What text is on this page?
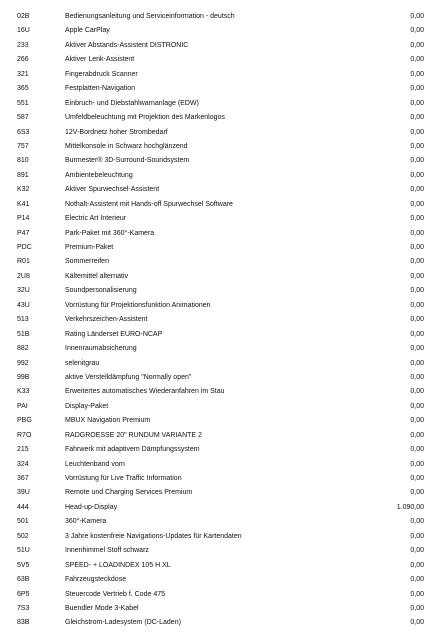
02B	Bedienungsanleitung und Serviceinformation - deutsch	0,00
16U	Apple CarPlay	0,00
233	Aktiver Abstands-Assistent DISTRONIC	0,00
266	Aktiver Lenk-Assistent	0,00
321	Fingerabdruck Scanner	0,00
365	Festplatten-Navigation	0,00
551	Einbruch- und Diebstahlwarnanlage (EDW)	0,00
587	Umfeldbeleuchtung mit Projektion des Markenlogos	0,00
6S3	12V-Bordnetz hoher Strombedarf	0,00
757	Mittelkonsole in Schwarz hochglänzend	0,00
810	Burmester® 3D-Surround-Soundsystem	0,00
891	Ambientebeleuchtung	0,00
K32	Aktiver Spurwechsel-Assistent	0,00
K41	Nothalt-Assistent mit Hands-off Spurwechsel Software	0,00
P14	Electric Art Interieur	0,00
P47	Park-Paket mit 360°-Kamera	0,00
PDC	Premium-Paket	0,00
R01	Sommerreifen	0,00
2U8	Kältemittel alternativ	0,00
32U	Soundpersonalisierung	0,00
43U	Vorrüstung für Projektionsfunktion Animationen	0,00
513	Verkehrszeichen-Assistent	0,00
51B	Rating Länderset EURO-NCAP	0,00
882	Innenraumabsicherung	0,00
992	selenitgrau	0,00
99B	aktive Verstelldämpfung "Normally open"	0,00
K33	Erweitertes automatisches Wiederanfahren im Stau	0,00
PAI	Display-Paket	0,00
PBG	MBUX Navigation Premium	0,00
R7O	RADGROESSE 20" RUNDUM VARIANTE 2	0,00
215	Fahrwerk mit adaptivem Dämpfungssystem	0,00
324	Leuchtenband vorn	0,00
367	Vorrüstung für Live Traffic Information	0,00
39U	Remote und Charging Services Premium	0,00
444	Head-up-Display	1.090,00
501	360°-Kamera	0,00
502	3 Jahre kostenfreie Navigations-Updates für Kartendaten	0,00
51U	Innenhimmel Stoff schwarz	0,00
5V5	SPEED- + LOADINDEX 105 H XL	0,00
63B	Fahrzeugsteckdose	0,00
6P5	Steuercode Vertrieb f. Code 475	0,00
7S3	Buendler Mode 3-Kabel	0,00
83B	Gleichstrom-Ladesystem (DC-Laden)	0,00
